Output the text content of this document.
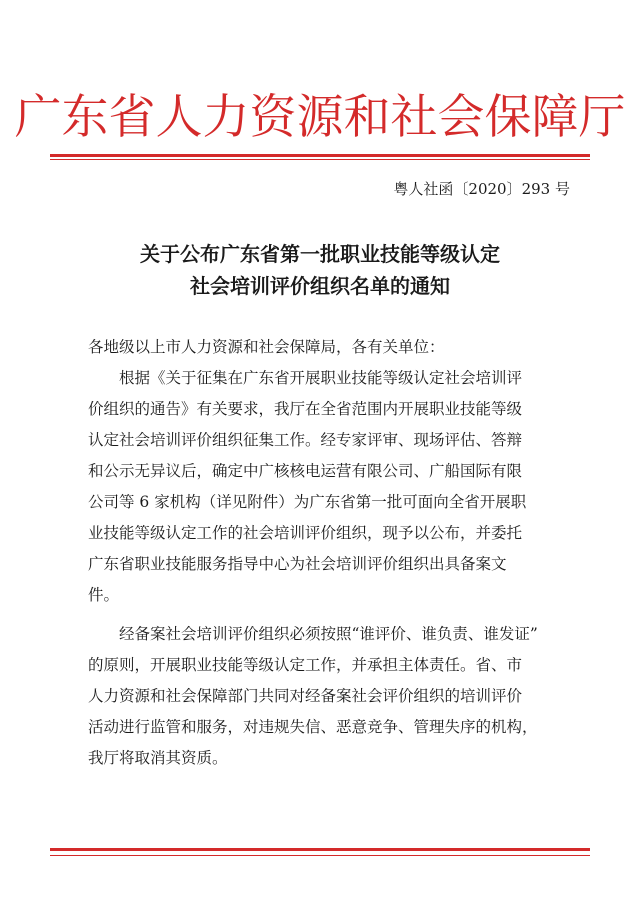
广东省人力资源和社会保障厅
粤人社函〔2020〕293 号
关于公布广东省第一批职业技能等级认定
社会培训评价组织名单的通知
各地级以上市人力资源和社会保障局，各有关单位：
根据《关于征集在广东省开展职业技能等级认定社会培训评
价组织的通告》有关要求，我厅在全省范围内开展职业技能等级
认定社会培训评价组织征集工作。经专家评审、现场评估、答辩
和公示无异议后，确定中广核核电运营有限公司、广船国际有限
公司等 6 家机构（详见附件）为广东省第一批可面向全省开展职
业技能等级认定工作的社会培训评价组织，现予以公布，并委托
广东省职业技能服务指导中心为社会培训评价组织出具备案文
件。
经备案社会培训评价组织必须按照“谁评价、谁负责、谁发证”
的原则，开展职业技能等级认定工作，并承担主体责任。省、市
人力资源和社会保障部门共同对经备案社会评价组织的培训评价
活动进行监管和服务，对违规失信、恶意竞争、管理失序的机构，
我厅将取消其资质。
